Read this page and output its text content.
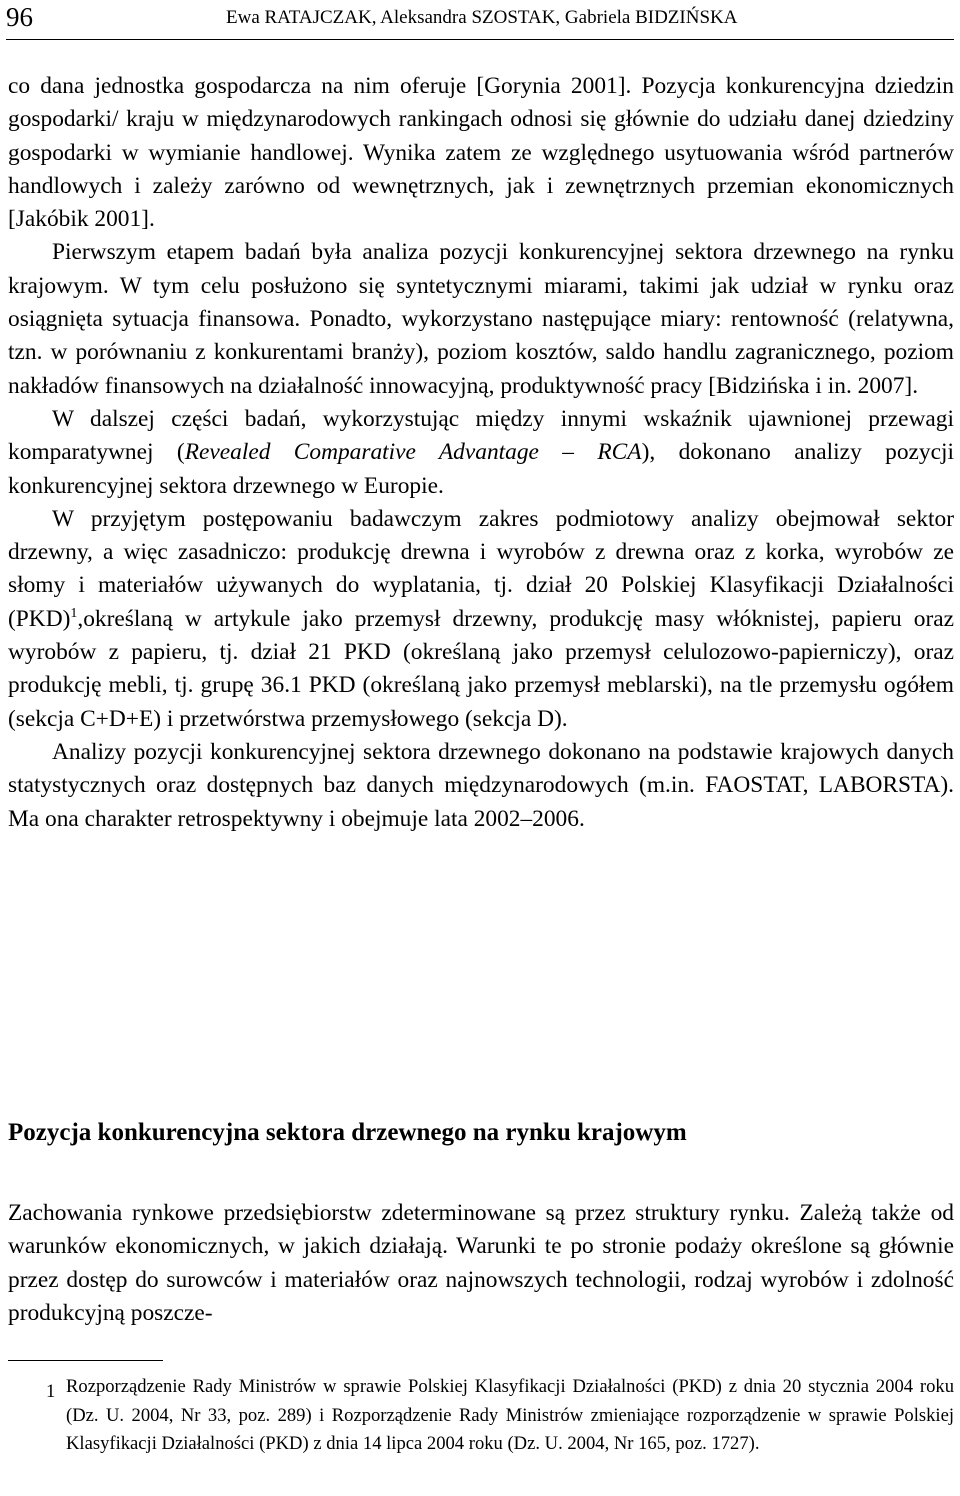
96	Ewa RATAJCZAK, Aleksandra SZOSTAK, Gabriela BIDZIŃSKA

co dana jednostka gospodarcza na nim oferuje [Gorynia 2001]. Pozycja konkurencyjna dziedzin gospodarki/ kraju w międzynarodowych rankingach odnosi się głównie do udziału danej dziedziny gospodarki w wymianie handlowej. Wynika zatem ze względnego usytuowania wśród partnerów handlowych i zależy zarówno od wewnętrznych, jak i zewnętrznych przemian ekonomicznych [Jakóbik 2001].

Pierwszym etapem badań była analiza pozycji konkurencyjnej sektora drzewnego na rynku krajowym. W tym celu posłużono się syntetycznymi miarami, takimi jak udział w rynku oraz osiągnięta sytuacja finansowa. Ponadto, wykorzystano następujące miary: rentowność (relatywna, tzn. w porównaniu z konkurentami branży), poziom kosztów, saldo handlu zagranicznego, poziom nakładów finansowych na działalność innowacyjną, produktywność pracy [Bidzińska i in. 2007].

W dalszej części badań, wykorzystując między innymi wskaźnik ujawnionej przewagi komparatywnej (Revealed Comparative Advantage – RCA), dokonano analizy pozycji konkurencyjnej sektora drzewnego w Europie.

W przyjętym postępowaniu badawczym zakres podmiotowy analizy obejmował sektor drzewny, a więc zasadniczo: produkcję drewna i wyrobów z drewna oraz z korka, wyrobów ze słomy i materiałów używanych do wyplatania, tj. dział 20 Polskiej Klasyfikacji Działalności (PKD)$^1$,określaną w artykule jako przemysł drzewny, produkcję masy włóknistej, papieru oraz wyrobów z papieru, tj. dział 21 PKD (określaną jako przemysł celulozowo-papierniczy), oraz produkcję mebli, tj. grupę 36.1 PKD (określaną jako przemysł meblarski), na tle przemysłu ogółem (sekcja C+D+E) i przetwórstwa przemysłowego (sekcja D).

Analizy pozycji konkurencyjnej sektora drzewnego dokonano na podstawie krajowych danych statystycznych oraz dostępnych baz danych międzynarodowych (m.in. FAOSTAT, LABORSTA). Ma ona charakter retrospektywny i obejmuje lata 2002–2006.

Pozycja konkurencyjna sektora drzewnego na rynku krajowym

Zachowania rynkowe przedsiębiorstw zdeterminowane są przez struktury rynku. Zależą także od warunków ekonomicznych, w jakich działają. Warunki te po stronie podaży określone są głównie przez dostęp do surowców i materiałów oraz najnowszych technologii, rodzaj wyrobów i zdolność produkcyjną poszcze-

1 Rozporządzenie Rady Ministrów w sprawie Polskiej Klasyfikacji Działalności (PKD) z dnia 20 stycznia 2004 roku (Dz. U. 2004, Nr 33, poz. 289) i Rozporządzenie Rady Ministrów zmieniające rozporządzenie w sprawie Polskiej Klasyfikacji Działalności (PKD) z dnia 14 lipca 2004 roku (Dz. U. 2004, Nr 165, poz. 1727).
